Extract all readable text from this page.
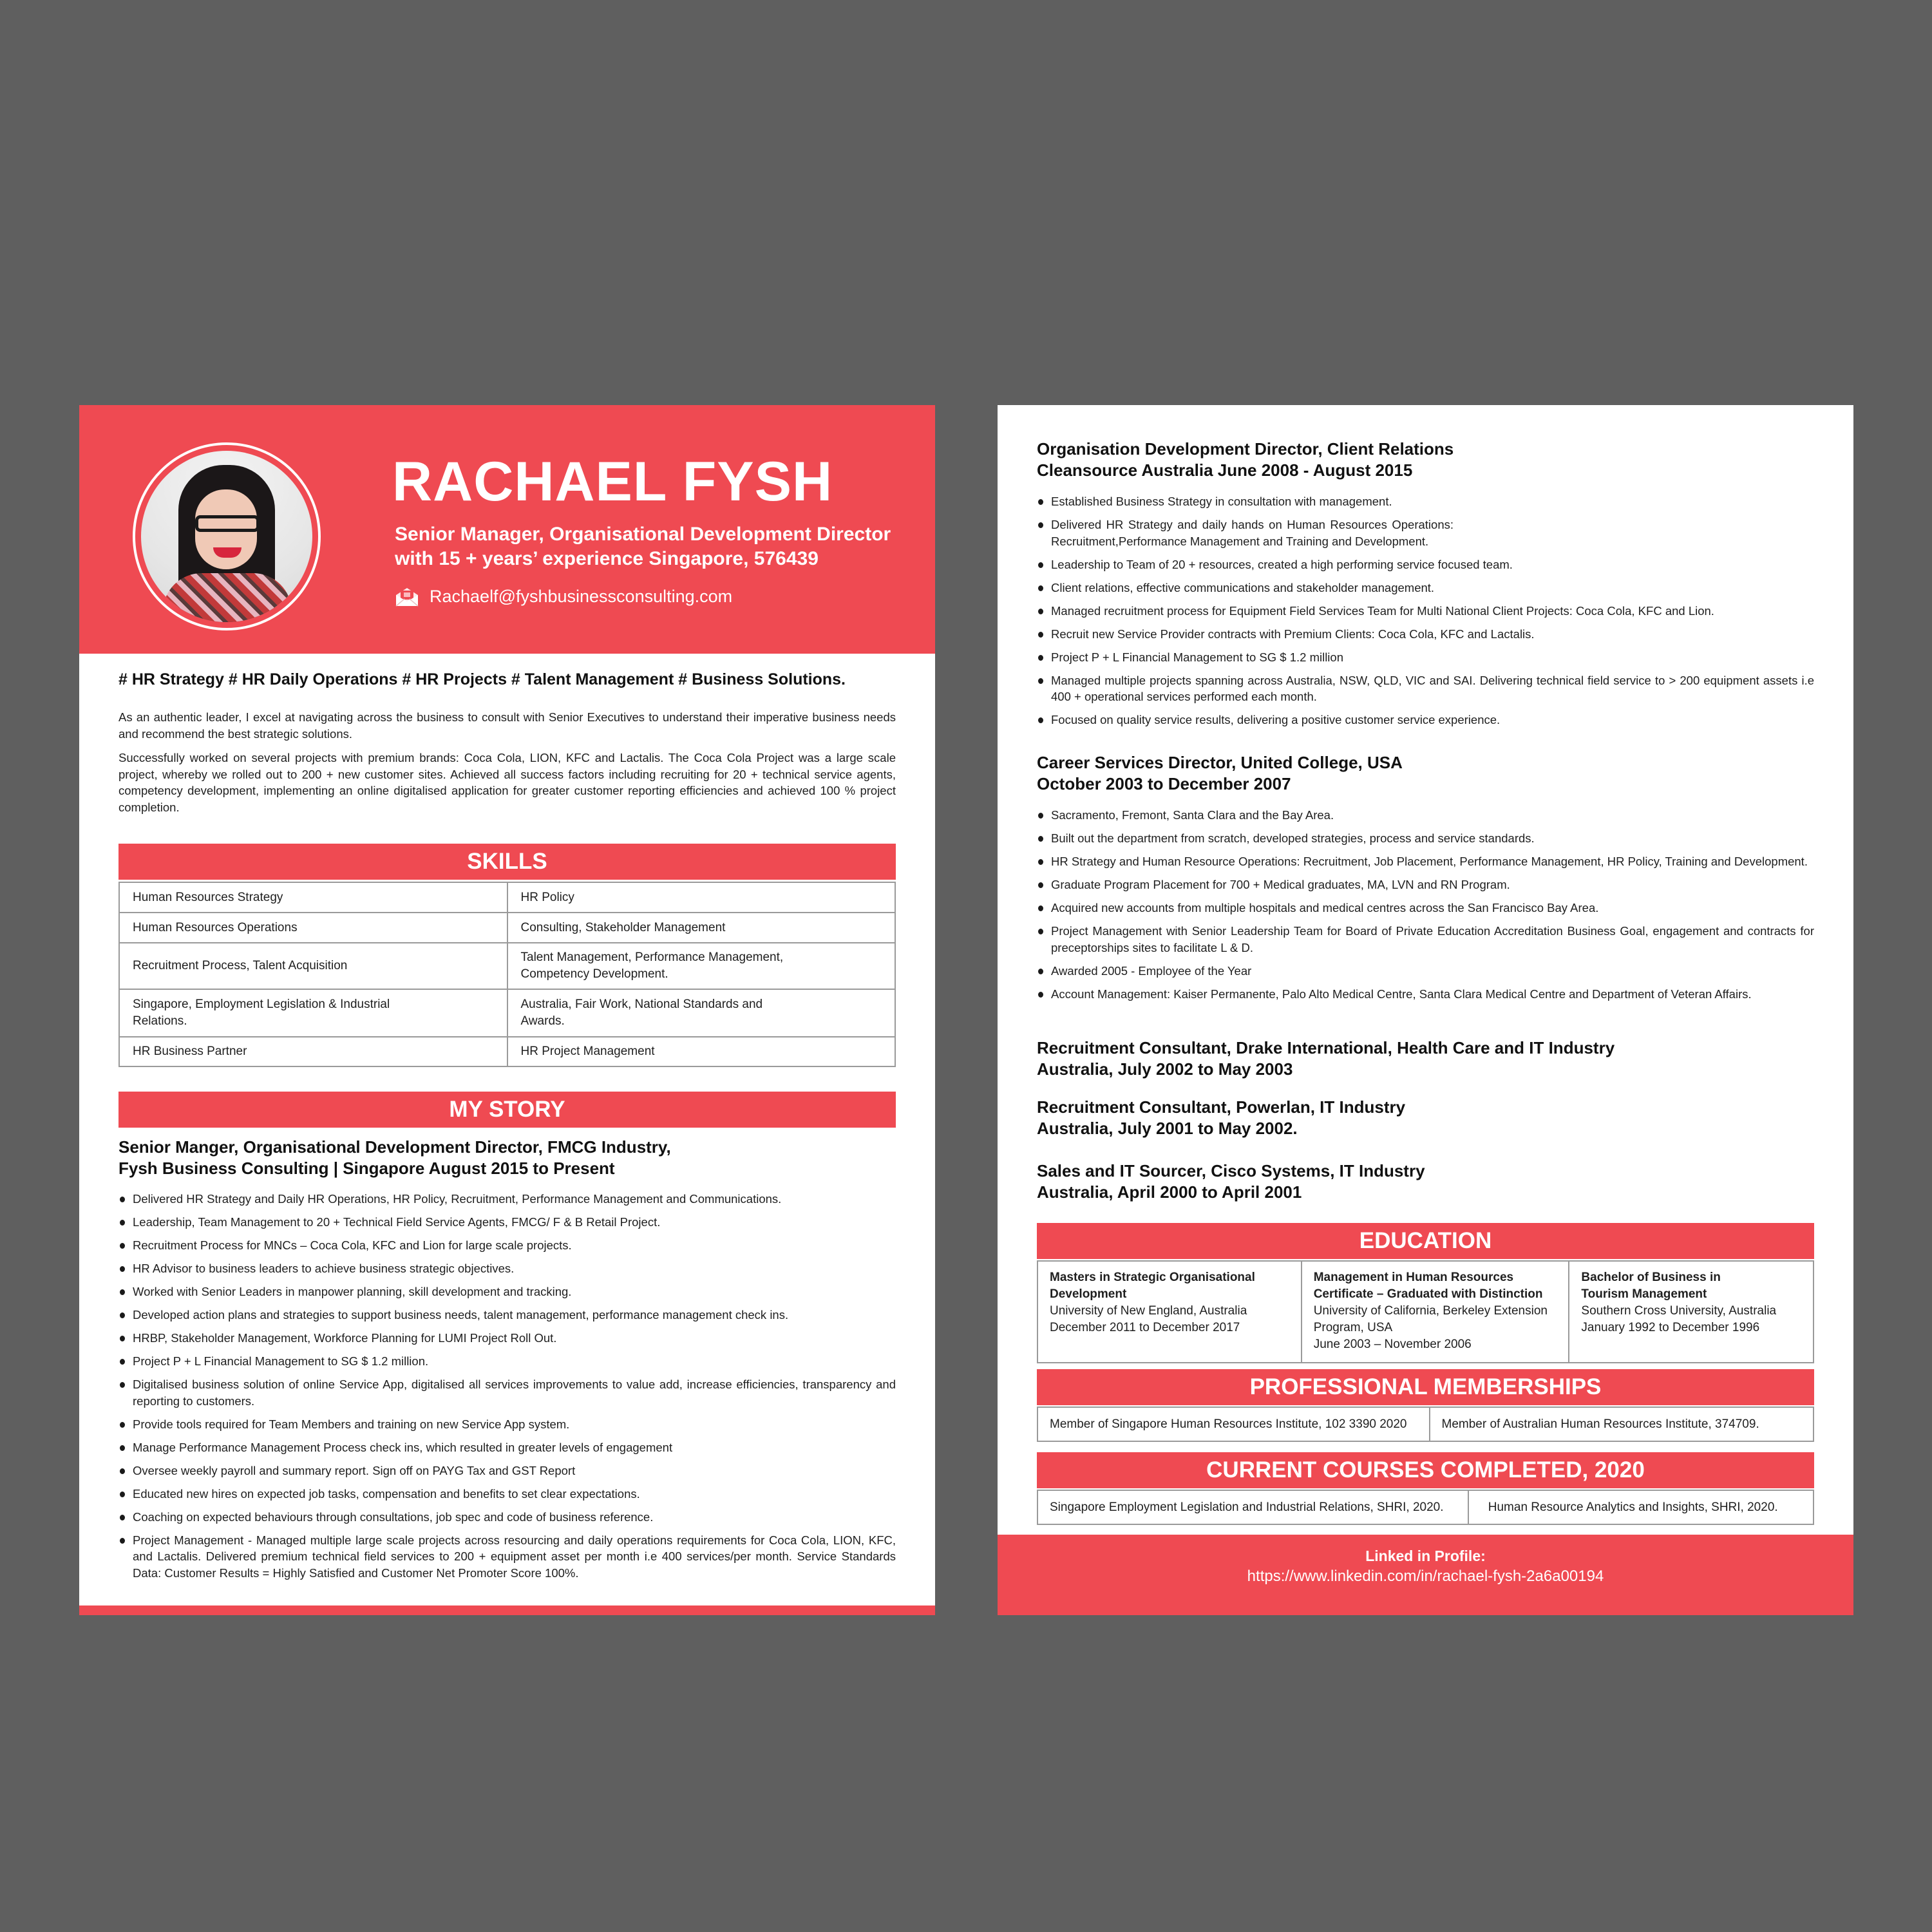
RACHAEL FYSH
Senior Manager, Organisational Development Director
with 15 + years’ experience Singapore, 576439
Rachaelf@fyshbusinessconsulting.com
# HR Strategy # HR Daily Operations # HR Projects # Talent Management # Business Solutions.

As an authentic leader, I excel at navigating across the business to consult with Senior Executives to understand their imperative business needs and recommend the best strategic solutions.

Successfully worked on several projects with premium brands: Coca Cola, LION, KFC and Lactalis. The Coca Cola Project was a large scale project, whereby we rolled out to 200 + new customer sites. Achieved all success factors including recruiting for 20 + technical service agents, competency development, implementing an online digitalised application for greater customer reporting efficiencies and achieved 100 % project completion.

SKILLS
Human Resources Strategy	HR Policy
Human Resources Operations	Consulting, Stakeholder Management
Recruitment Process, Talent Acquisition	Talent Management, Performance Management, Competency Development.
Singapore, Employment Legislation & Industrial Relations.	Australia, Fair Work, National Standards and Awards.
HR Business Partner	HR Project Management
MY STORY
Senior Manger, Organisational Development Director, FMCG Industry,
Fysh Business Consulting | Singapore August 2015 to Present
Delivered HR Strategy and Daily HR Operations, HR Policy, Recruitment, Performance Management and Communications.
Leadership, Team Management to 20 + Technical Field Service Agents, FMCG/ F & B Retail Project.
Recruitment Process for MNCs – Coca Cola, KFC and Lion for large scale projects.
HR Advisor to business leaders to achieve business strategic objectives.
Worked with Senior Leaders in manpower planning, skill development and tracking.
Developed action plans and strategies to support business needs, talent management, performance management check ins.
HRBP, Stakeholder Management, Workforce Planning for LUMI Project Roll Out.
Project P + L Financial Management to SG $ 1.2 million.
Digitalised business solution of online Service App, digitalised all services improvements to value add, increase efficiencies, transparency and reporting to customers.
Provide tools required for Team Members and training on new Service App system.
Manage Performance Management Process check ins, which resulted in greater levels of engagement
Oversee weekly payroll and summary report. Sign off on PAYG Tax and GST Report
Educated new hires on expected job tasks, compensation and benefits to set clear expectations.
Coaching on expected behaviours through consultations, job spec and code of business reference.
Project Management - Managed multiple large scale projects across resourcing and daily operations requirements for Coca Cola, LION, KFC, and Lactalis. Delivered premium technical field services to 200 + equipment asset per month i.e 400 services/per month. Service Standards Data: Customer Results = Highly Satisfied and Customer Net Promoter Score 100%.
Organisation Development Director, Client Relations
Cleansource Australia June 2008 - August 2015
Established Business Strategy in consultation with management.
Delivered HR Strategy and daily hands on Human Resources Operations: Recruitment,Performance Management and Training and Development.
Leadership to Team of 20 + resources, created a high performing service focused team.
Client relations, effective communications and stakeholder management.
Managed recruitment process for Equipment Field Services Team for Multi National Client Projects: Coca Cola, KFC and Lion.
Recruit new Service Provider contracts with Premium Clients: Coca Cola, KFC and Lactalis.
Project P + L Financial Management to SG $ 1.2 million
Managed multiple projects spanning across Australia, NSW, QLD, VIC and SAI. Delivering technical field service to > 200 equipment assets i.e 400 + operational services performed each month.
Focused on quality service results, delivering a positive customer service experience.
Career Services Director, United College, USA
October 2003 to December 2007
Sacramento, Fremont, Santa Clara and the Bay Area.
Built out the department from scratch, developed strategies, process and service standards.
HR Strategy and Human Resource Operations: Recruitment, Job Placement, Performance Management, HR Policy, Training and Development.
Graduate Program Placement for 700 + Medical graduates, MA, LVN and RN Program.
Acquired new accounts from multiple hospitals and medical centres across the San Francisco Bay Area.
Project Management with Senior Leadership Team for Board of Private Education Accreditation Business Goal, engagement and contracts for preceptorships sites to facilitate L & D.
Awarded 2005 - Employee of the Year
Account Management: Kaiser Permanente, Palo Alto Medical Centre, Santa Clara Medical Centre and Department of Veteran Affairs.
Recruitment Consultant, Drake International, Health Care and IT Industry
Australia, July 2002 to May 2003
Recruitment Consultant, Powerlan, IT Industry
Australia, July 2001 to May 2002.
Sales and IT Sourcer, Cisco Systems, IT Industry
Australia, April 2000 to April 2001
EDUCATION
Masters in Strategic Organisational Development
University of New England, Australia
December 2011 to December 2017

Management in Human Resources Certificate – Graduated with Distinction
University of California, Berkeley Extension Program, USA
June 2003 – November 2006

Bachelor of Business in Tourism Management
Southern Cross University, Australia
January 1992 to December 1996
PROFESSIONAL MEMBERSHIPS
Member of Singapore Human Resources Institute, 102 3390 2020	Member of Australian Human Resources Institute, 374709.
CURRENT COURSES COMPLETED, 2020
Singapore Employment Legislation and Industrial Relations, SHRI, 2020.	Human Resource Analytics and Insights, SHRI, 2020.
Linked in Profile:
https://www.linkedin.com/in/rachael-fysh-2a6a00194
